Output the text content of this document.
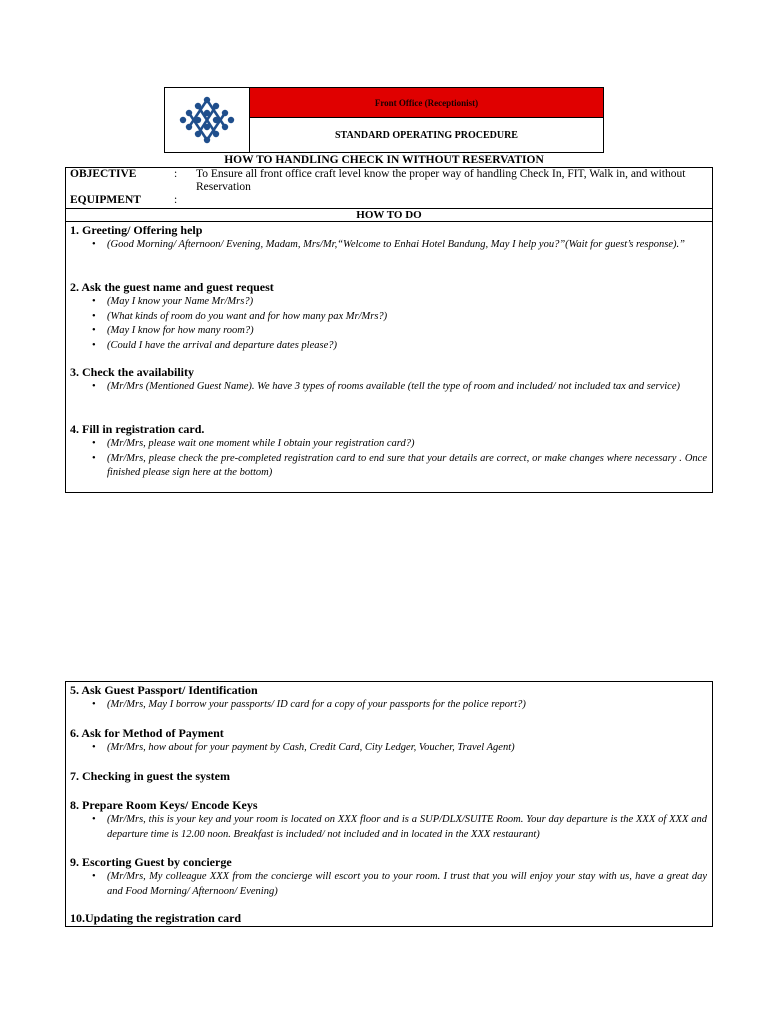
Front Office (Receptionist)
STANDARD OPERATING PROCEDURE
HOW TO HANDLING CHECK IN WITHOUT RESERVATION
OBJECTIVE	: To Ensure all front office craft level know the proper way of handling Check In, FIT, Walk in, and without Reservation
EQUIPMENT	:
HOW TO DO
1. Greeting/ Offering help
• (Good Morning/ Afternoon/ Evening, Madam, Mrs/Mr,“Welcome to Enhai Hotel Bandung, May I help you?”(Wait for guest’s response).”
2. Ask the guest name and guest request
• (May I know your Name Mr/Mrs?)
• (What kinds of room do you want and for how many pax Mr/Mrs?)
• (May I know for how many room?)
• (Could I have the arrival and departure dates please?)
3. Check the availability
• (Mr/Mrs (Mentioned Guest Name). We have 3 types of rooms available (tell the type of room and included/ not included tax and service)
4. Fill in registration card.
• (Mr/Mrs, please wait one moment while I obtain your registration card?)
• (Mr/Mrs, please check the pre-completed registration card to end sure that your details are correct, or make changes where necessary . Once finished please sign here at the bottom)
5. Ask Guest Passport/ Identification
• (Mr/Mrs, May I borrow your passports/ ID card for a copy of your passports for the police report?)
6. Ask for Method of Payment
• (Mr/Mrs, how about for your payment by Cash, Credit Card, City Ledger, Voucher, Travel Agent)
7. Checking in guest the system
8. Prepare Room Keys/ Encode Keys
• (Mr/Mrs, this is your key and your room is located on XXX floor and is a SUP/DLX/SUITE Room. Your day departure is the XXX of XXX and departure time is 12.00 noon. Breakfast is included/ not included and in located in the XXX restaurant)
9. Escorting Guest by concierge
• (Mr/Mrs, My colleague XXX from the concierge will escort you to your room. I trust that you will enjoy your stay with us, have a great day and Food Morning/ Afternoon/ Evening)
10.Updating the registration card
